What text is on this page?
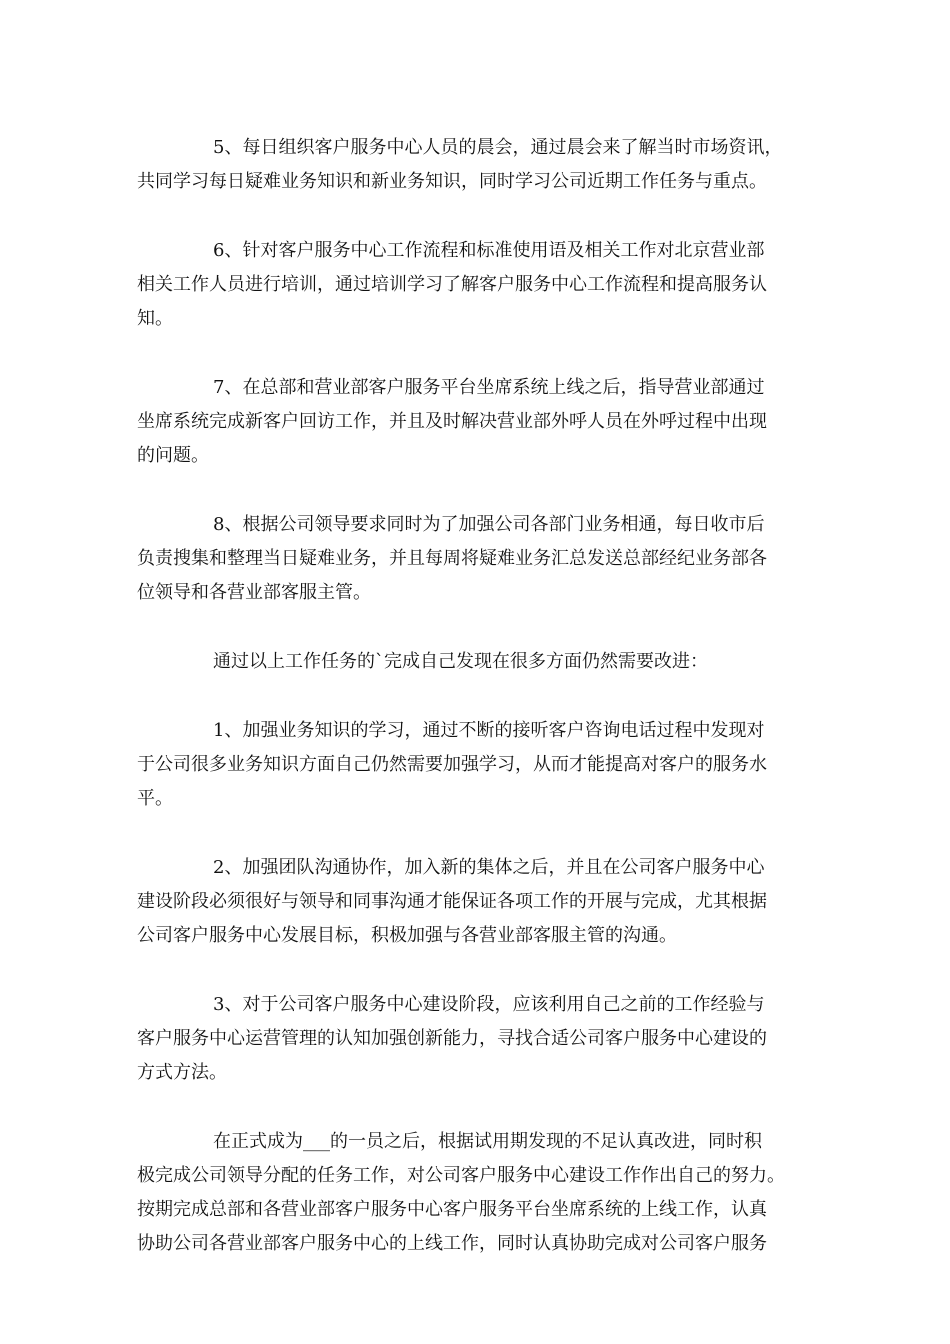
5、每日组织客户服务中心人员的晨会，通过晨会来了解当时市场资讯，
共同学习每日疑难业务知识和新业务知识，同时学习公司近期工作任务与重点。

6、针对客户服务中心工作流程和标准使用语及相关工作对北京营业部
相关工作人员进行培训，通过培训学习了解客户服务中心工作流程和提高服务认
知。

7、在总部和营业部客户服务平台坐席系统上线之后，指导营业部通过
坐席系统完成新客户回访工作，并且及时解决营业部外呼人员在外呼过程中出现
的问题。

8、根据公司领导要求同时为了加强公司各部门业务相通，每日收市后
负责搜集和整理当日疑难业务，并且每周将疑难业务汇总发送总部经纪业务部各
位领导和各营业部客服主管。

通过以上工作任务的`完成自己发现在很多方面仍然需要改进：

1、加强业务知识的学习，通过不断的接听客户咨询电话过程中发现对
于公司很多业务知识方面自己仍然需要加强学习，从而才能提高对客户的服务水
平。

2、加强团队沟通协作，加入新的集体之后，并且在公司客户服务中心
建设阶段必须很好与领导和同事沟通才能保证各项工作的开展与完成，尤其根据
公司客户服务中心发展目标，积极加强与各营业部客服主管的沟通。

3、对于公司客户服务中心建设阶段，应该利用自己之前的工作经验与
客户服务中心运营管理的认知加强创新能力，寻找合适公司客户服务中心建设的
方式方法。

在正式成为___的一员之后，根据试用期发现的不足认真改进，同时积
极完成公司领导分配的任务工作，对公司客户服务中心建设工作作出自己的努力。
按期完成总部和各营业部客户服务中心客户服务平台坐席系统的上线工作，认真
协助公司各营业部客户服务中心的上线工作，同时认真协助完成对公司客户服务
